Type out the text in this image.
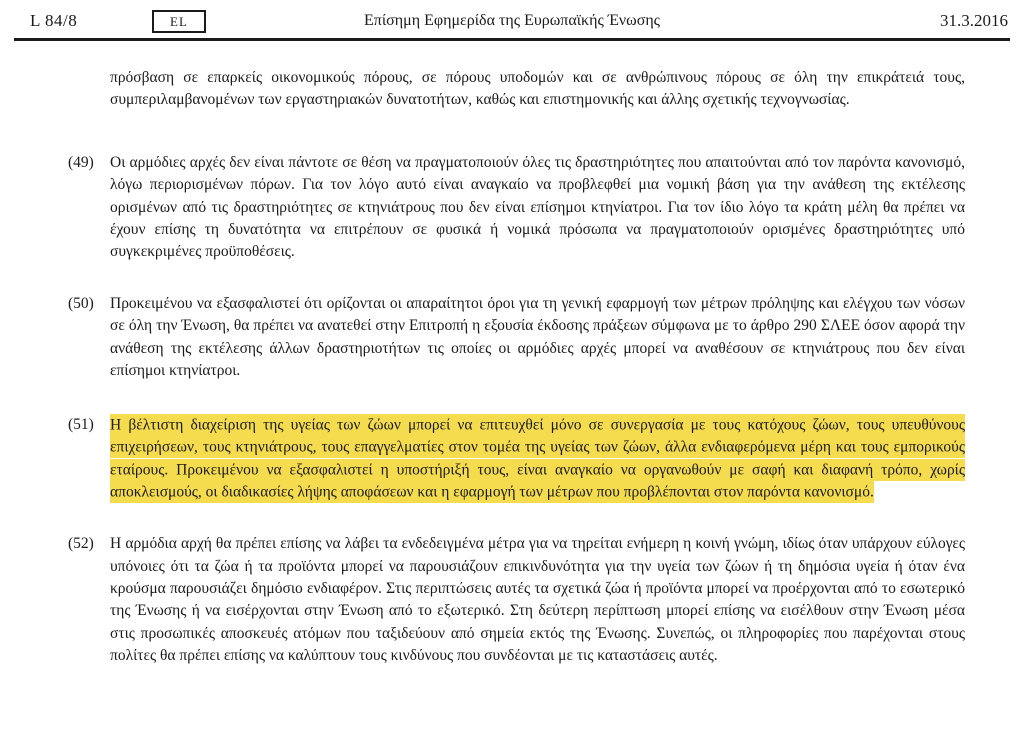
L 84/8	EL	Επίσημη Εφημερίδα της Ευρωπαϊκής Ένωσης	31.3.2016
πρόσβαση σε επαρκείς οικονομικούς πόρους, σε πόρους υποδομών και σε ανθρώπινους πόρους σε όλη την επικράτειά τους, συμπεριλαμβανομένων των εργαστηριακών δυνατοτήτων, καθώς και επιστημονικής και άλλης σχετικής τεχνογνωσίας.
(49)	Οι αρμόδιες αρχές δεν είναι πάντοτε σε θέση να πραγματοποιούν όλες τις δραστηριότητες που απαιτούνται από τον παρόντα κανονισμό, λόγω περιορισμένων πόρων. Για τον λόγο αυτό είναι αναγκαίο να προβλεφθεί μια νομική βάση για την ανάθεση της εκτέλεσης ορισμένων από τις δραστηριότητες σε κτηνιάτρους που δεν είναι επίσημοι κτηνίατροι. Για τον ίδιο λόγο τα κράτη μέλη θα πρέπει να έχουν επίσης τη δυνατότητα να επιτρέπουν σε φυσικά ή νομικά πρόσωπα να πραγματοποιούν ορισμένες δραστηριότητες υπό συγκεκριμένες προϋποθέσεις.
(50)	Προκειμένου να εξασφαλιστεί ότι ορίζονται οι απαραίτητοι όροι για τη γενική εφαρμογή των μέτρων πρόληψης και ελέγχου των νόσων σε όλη την Ένωση, θα πρέπει να ανατεθεί στην Επιτροπή η εξουσία έκδοσης πράξεων σύμφωνα με το άρθρο 290 ΣΛΕΕ όσον αφορά την ανάθεση της εκτέλεσης άλλων δραστηριοτήτων τις οποίες οι αρμόδιες αρχές μπορεί να αναθέσουν σε κτηνιάτρους που δεν είναι επίσημοι κτηνίατροι.
(51)	Η βέλτιστη διαχείριση της υγείας των ζώων μπορεί να επιτευχθεί μόνο σε συνεργασία με τους κατόχους ζώων, τους υπευθύνους επιχειρήσεων, τους κτηνιάτρους, τους επαγγελματίες στον τομέα της υγείας των ζώων, άλλα ενδιαφερόμενα μέρη και τους εμπορικούς εταίρους. Προκειμένου να εξασφαλιστεί η υποστήριξή τους, είναι αναγκαίο να οργανωθούν με σαφή και διαφανή τρόπο, χωρίς αποκλεισμούς, οι διαδικασίες λήψης αποφάσεων και η εφαρμογή των μέτρων που προβλέπονται στον παρόντα κανονισμό.
(52)	Η αρμόδια αρχή θα πρέπει επίσης να λάβει τα ενδεδειγμένα μέτρα για να τηρείται ενήμερη η κοινή γνώμη, ιδίως όταν υπάρχουν εύλογες υπόνοιες ότι τα ζώα ή τα προϊόντα μπορεί να παρουσιάζουν επικινδυνότητα για την υγεία των ζώων ή τη δημόσια υγεία ή όταν ένα κρούσμα παρουσιάζει δημόσιο ενδιαφέρον. Στις περιπτώσεις αυτές τα σχετικά ζώα ή προϊόντα μπορεί να προέρχονται από το εσωτερικό της Ένωσης ή να εισέρχονται στην Ένωση από το εξωτερικό. Στη δεύτερη περίπτωση μπορεί επίσης να εισέλθουν στην Ένωση μέσα στις προσωπικές αποσκευές ατόμων που ταξιδεύουν από σημεία εκτός της Ένωσης. Συνεπώς, οι πληροφορίες που παρέχονται στους πολίτες θα πρέπει επίσης να καλύπτουν τους κινδύνους που συνδέονται με τις καταστάσεις αυτές.
